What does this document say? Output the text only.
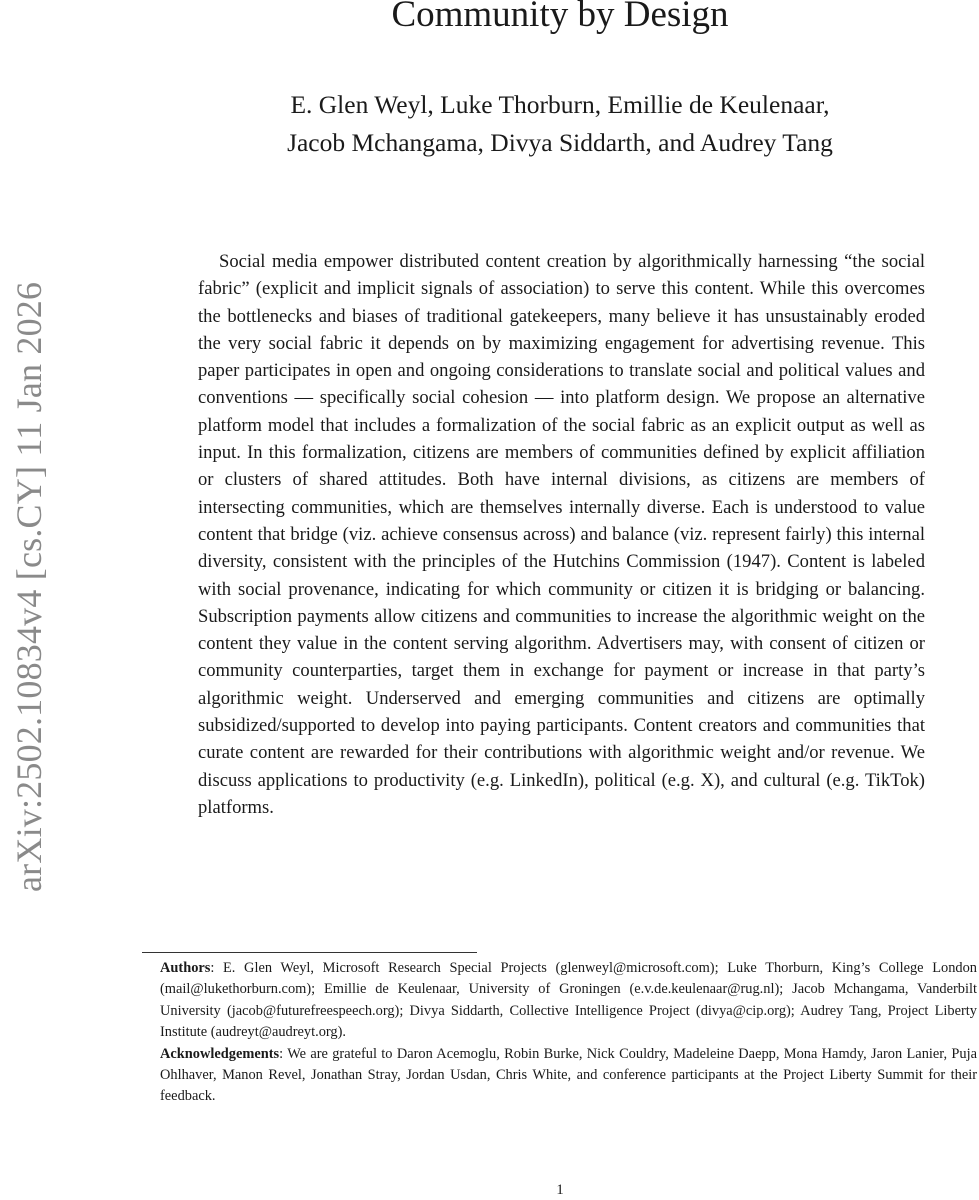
Community by Design
E. Glen Weyl, Luke Thorburn, Emillie de Keulenaar,
Jacob Mchangama, Divya Siddarth, and Audrey Tang
arXiv:2502.10834v4 [cs.CY] 11 Jan 2026

Social media empower distributed content creation by algorithmically harnessing “the social fabric” (explicit and implicit signals of association) to serve this content. While this overcomes the bottlenecks and biases of traditional gatekeepers, many believe it has unsustainably eroded the very social fabric it depends on by maximizing engagement for advertising revenue. This paper participates in open and ongoing considerations to translate social and political values and conventions — specifically social cohesion — into platform design. We propose an alternative platform model that includes a formalization of the social fabric as an explicit output as well as input. In this formalization, citizens are members of communities defined by explicit affiliation or clusters of shared attitudes. Both have internal divisions, as citizens are members of intersecting communities, which are themselves internally diverse. Each is understood to value content that bridge (viz. achieve consensus across) and balance (viz. represent fairly) this internal diversity, consistent with the principles of the Hutchins Commission (1947). Content is labeled with social provenance, indicating for which community or citizen it is bridging or balancing. Subscription payments allow citizens and communities to increase the algorithmic weight on the content they value in the content serving algorithm. Advertisers may, with consent of citizen or community counterparties, target them in exchange for payment or increase in that party’s algorithmic weight. Underserved and emerging communities and citizens are optimally subsidized/supported to develop into paying participants. Content creators and communities that curate content are rewarded for their contributions with algorithmic weight and/or revenue. We discuss applications to productivity (e.g. LinkedIn), political (e.g. X), and cultural (e.g. TikTok) platforms.

Authors: E. Glen Weyl, Microsoft Research Special Projects (glenweyl@microsoft.com); Luke Thorburn, King’s College London (mail@lukethorburn.com); Emillie de Keulenaar, University of Groningen (e.v.de.keulenaar@rug.nl); Jacob Mchangama, Vanderbilt University (jacob@futurefreespeech.org); Divya Siddarth, Collective Intelligence Project (divya@cip.org); Audrey Tang, Project Liberty Institute (audreyt@audreyt.org).

Acknowledgements: We are grateful to Daron Acemoglu, Robin Burke, Nick Couldry, Madeleine Daepp, Mona Hamdy, Jaron Lanier, Puja Ohlhaver, Manon Revel, Jonathan Stray, Jordan Usdan, Chris White, and conference participants at the Project Liberty Summit for their feedback.

1
